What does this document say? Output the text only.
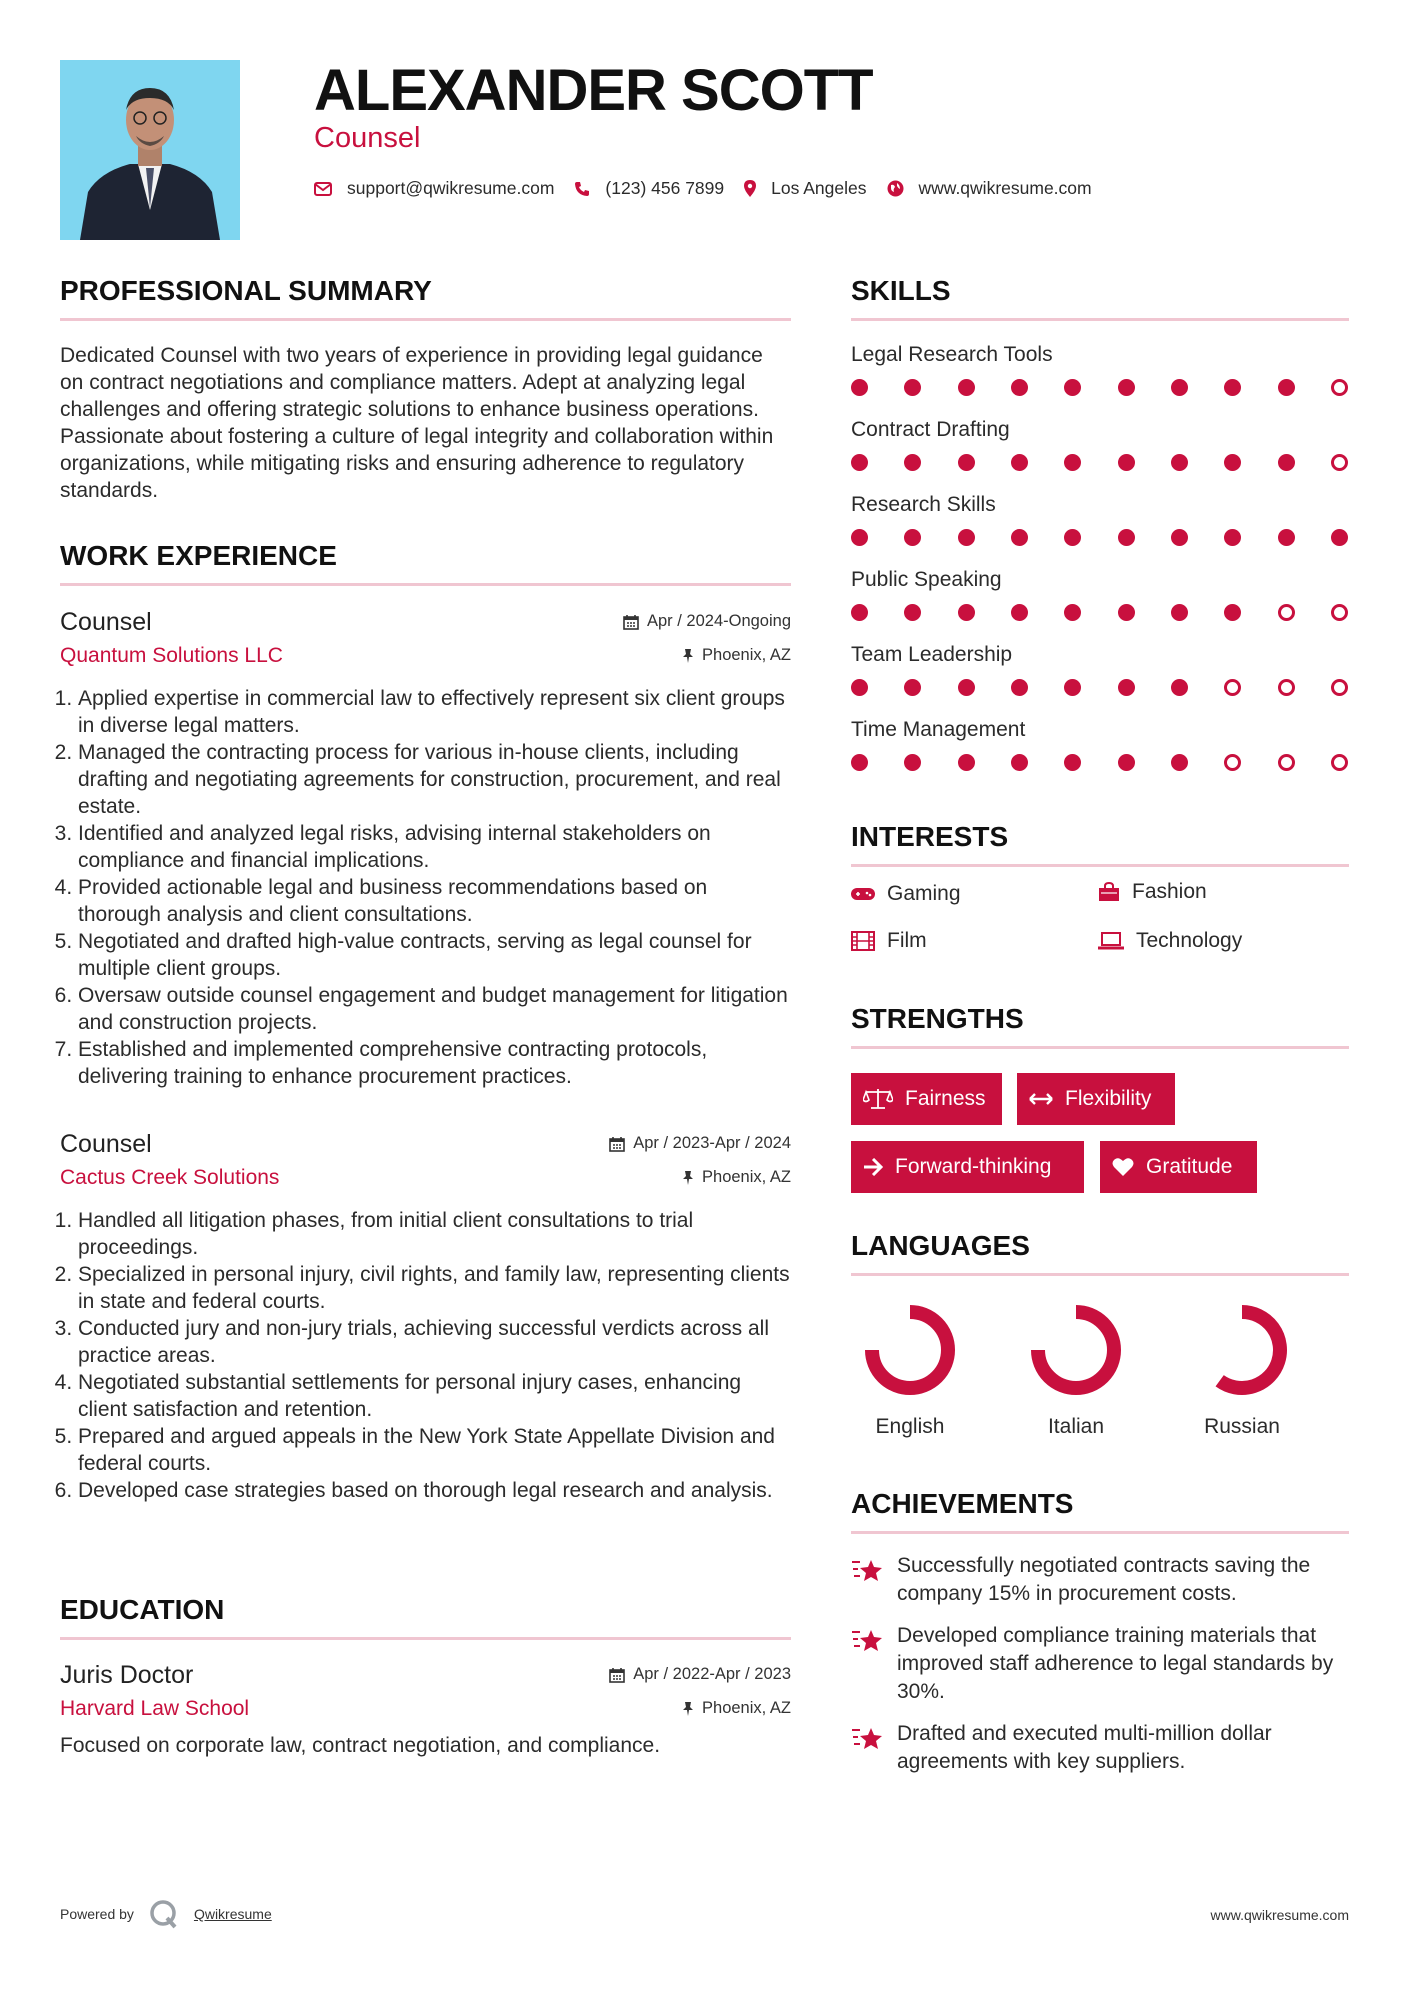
ALEXANDER SCOTT
Counsel
support@qwikresume.com	(123) 456 7899	Los Angeles	www.qwikresume.com
PROFESSIONAL SUMMARY
Dedicated Counsel with two years of experience in providing legal guidance on contract negotiations and compliance matters. Adept at analyzing legal challenges and offering strategic solutions to enhance business operations. Passionate about fostering a culture of legal integrity and collaboration within organizations, while mitigating risks and ensuring adherence to regulatory standards.
WORK EXPERIENCE
Counsel
Quantum Solutions LLC
Apr / 2024-Ongoing
Phoenix, AZ
1. Applied expertise in commercial law to effectively represent six client groups in diverse legal matters.
2. Managed the contracting process for various in-house clients, including drafting and negotiating agreements for construction, procurement, and real estate.
3. Identified and analyzed legal risks, advising internal stakeholders on compliance and financial implications.
4. Provided actionable legal and business recommendations based on thorough analysis and client consultations.
5. Negotiated and drafted high-value contracts, serving as legal counsel for multiple client groups.
6. Oversaw outside counsel engagement and budget management for litigation and construction projects.
7. Established and implemented comprehensive contracting protocols, delivering training to enhance procurement practices.
Counsel
Cactus Creek Solutions
Apr / 2023-Apr / 2024
Phoenix, AZ
1. Handled all litigation phases, from initial client consultations to trial proceedings.
2. Specialized in personal injury, civil rights, and family law, representing clients in state and federal courts.
3. Conducted jury and non-jury trials, achieving successful verdicts across all practice areas.
4. Negotiated substantial settlements for personal injury cases, enhancing client satisfaction and retention.
5. Prepared and argued appeals in the New York State Appellate Division and federal courts.
6. Developed case strategies based on thorough legal research and analysis.
EDUCATION
Juris Doctor
Harvard Law School
Apr / 2022-Apr / 2023
Phoenix, AZ
Focused on corporate law, contract negotiation, and compliance.
SKILLS
Legal Research Tools
Contract Drafting
Research Skills
Public Speaking
Team Leadership
Time Management
INTERESTS
Gaming	Fashion
Film	Technology
STRENGTHS
Fairness	Flexibility
Forward-thinking	Gratitude
LANGUAGES
English	Italian	Russian
ACHIEVEMENTS
Successfully negotiated contracts saving the company 15% in procurement costs.
Developed compliance training materials that improved staff adherence to legal standards by 30%.
Drafted and executed multi-million dollar agreements with key suppliers.
Powered by	Qwikresume	www.qwikresume.com
